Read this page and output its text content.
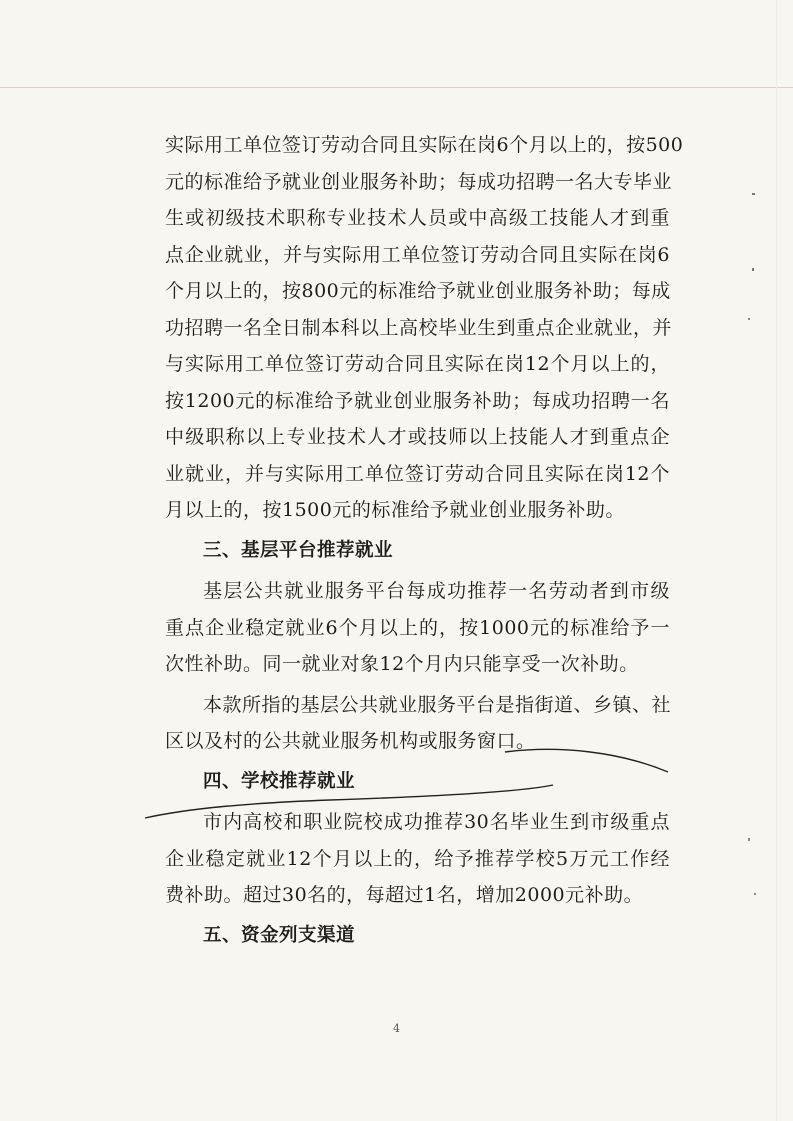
实际用工单位签订劳动合同且实际在岗6个月以上的，按500
元的标准给予就业创业服务补助；每成功招聘一名大专毕业
生或初级技术职称专业技术人员或中高级工技能人才到重
点企业就业，并与实际用工单位签订劳动合同且实际在岗6
个月以上的，按800元的标准给予就业创业服务补助；每成
功招聘一名全日制本科以上高校毕业生到重点企业就业，并
与实际用工单位签订劳动合同且实际在岗12个月以上的，
按1200元的标准给予就业创业服务补助；每成功招聘一名
中级职称以上专业技术人才或技师以上技能人才到重点企
业就业，并与实际用工单位签订劳动合同且实际在岗12个
月以上的，按1500元的标准给予就业创业服务补助。
三、基层平台推荐就业
基层公共就业服务平台每成功推荐一名劳动者到市级
重点企业稳定就业6个月以上的，按1000元的标准给予一
次性补助。同一就业对象12个月内只能享受一次补助。
本款所指的基层公共就业服务平台是指街道、乡镇、社
区以及村的公共就业服务机构或服务窗口。
四、学校推荐就业
市内高校和职业院校成功推荐30名毕业生到市级重点
企业稳定就业12个月以上的，给予推荐学校5万元工作经
费补助。超过30名的，每超过1名，增加2000元补助。
五、资金列支渠道
4
